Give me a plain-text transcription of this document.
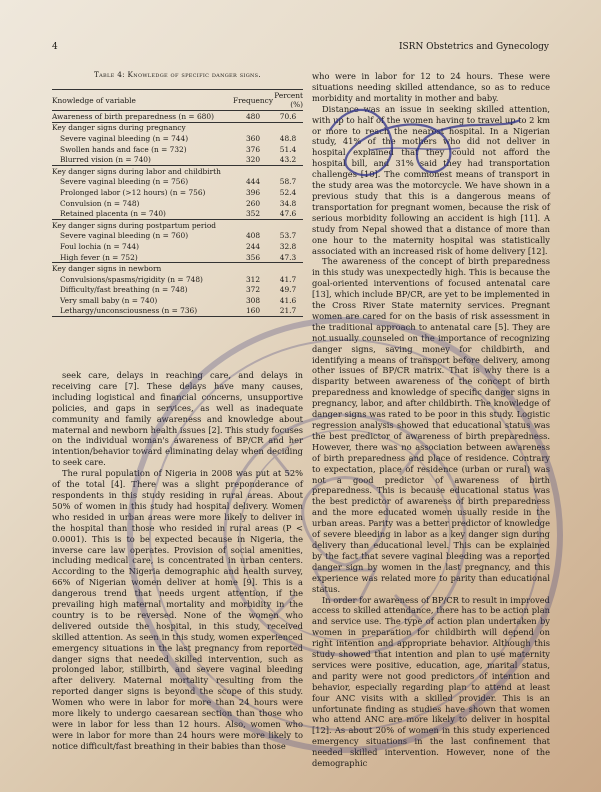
4	ISRN Obstetrics and Gynecology
Table 4: Knowledge of specific danger signs.
Knowledge of variable	Frequency	Percent (%)
Awareness of birth preparedness (n = 680)	480	70.6
Key danger signs during pregnancy		
Severe vaginal bleeding (n = 744)	360	48.8
Swollen hands and face (n = 732)	376	51.4
Blurred vision (n = 740)	320	43.2
Key danger signs during labor and childbirth		
Severe vaginal bleeding (n = 756)	444	58.7
Prolonged labor (>12 hours) (n = 756)	396	52.4
Convulsion (n = 748)	260	34.8
Retained placenta (n = 740)	352	47.6
Key danger signs during postpartum period		
Severe vaginal bleeding (n = 760)	408	53.7
Foul lochia (n = 744)	244	32.8
High fever (n = 752)	356	47.3
Key danger signs in newborn		
Convulsions/spasms/rigidity (n = 748)	312	41.7
Difficulty/fast breathing (n = 748)	372	49.7
Very small baby (n = 740)	308	41.6
Lethargy/unconsciousness (n = 736)	160	21.7

seek care, delays in reaching care, and delays in receiving care [7]. These delays have many causes, including logistical and financial concerns, unsupportive policies, and gaps in services, as well as inadequate community and family awareness and knowledge about maternal and newborn health issues [2]. This study focuses on the individual woman's awareness of BP/CR and her intention/behavior toward eliminating delay when deciding to seek care.

The rural population of Nigeria in 2008 was put at 52% of the total [4]. There was a slight preponderance of respondents in this study residing in rural areas. About 50% of women in this study had hospital delivery. Women who resided in urban areas were more likely to deliver in the hospital than those who resided in rural areas (P < 0.0001). This is to be expected because in Nigeria, the inverse care law operates. Provision of social amenities, including medical care, is concentrated in urban centers. According to the Nigeria demographic and health survey, 66% of Nigerian women deliver at home [9]. This is a dangerous trend that needs urgent attention, if the prevailing high maternal mortality and morbidity in the country is to be reversed. None of the women who delivered outside the hospital, in this study, received skilled attention. As seen in this study, women experienced emergency situations in the last pregnancy from reported danger signs that needed skilled intervention, such as prolonged labor, stillbirth, and severe vaginal bleeding after delivery. Maternal mortality resulting from the reported danger signs is beyond the scope of this study. Women who were in labor for more than 24 hours were more likely to undergo caesarean section than those who were in labor for less than 12 hours. Also, women who were in labor for more than 24 hours were more likely to notice difficult/fast breathing in their babies than those

who were in labor for 12 to 24 hours. These were situations needing skilled attendance, so as to reduce morbidity and mortality in mother and baby.

Distance was an issue in seeking skilled attention, with up to half of the women having to travel up to 2 km or more to reach the nearest hospital. In a Nigerian study, 41% of the mothers who did not deliver in hospital explained that they could not afford the hospital bill, and 31% said they had transportation challenges [10]. The commonest means of transport in the study area was the motorcycle. We have shown in a previous study that this is a dangerous means of transportation for pregnant women, because the risk of serious morbidity following an accident is high [11]. A study from Nepal showed that a distance of more than one hour to the maternity hospital was statistically associated with an increased risk of home delivery [12].

The awareness of the concept of birth preparedness in this study was unexpectedly high. This is because the goal-oriented interventions of focused antenatal care [13], which include BP/CR, are yet to be implemented in the Cross River State maternity services. Pregnant women are cared for on the basis of risk assessment in the traditional approach to antenatal care [5]. They are not usually counseled on the importance of recognizing danger signs, saving money for childbirth, and identifying a means of transport before delivery, among other issues of BP/CR matrix. That is why there is a disparity between awareness of the concept of birth preparedness and knowledge of specific danger signs in pregnancy, labor, and after childbirth. The knowledge of danger signs was rated to be poor in this study. Logistic regression analysis showed that educational status was the best predictor of awareness of birth preparedness. However, there was no association between awareness of birth preparedness and place of residence. Contrary to expectation, place of residence (urban or rural) was not a good predictor of awareness of birth preparedness. This is because educational status was the best predictor of awareness of birth preparedness and the more educated women usually reside in the urban areas. Parity was a better predictor of knowledge of severe bleeding in labor as a key danger sign during delivery than educational level. This can be explained by the fact that severe vaginal bleeding was a reported danger sign by women in the last pregnancy, and this experience was related more to parity than educational status.

In order for awareness of BP/CR to result in improved access to skilled attendance, there has to be action plan and service use. The type of action plan undertaken by women in preparation for childbirth will depend on right intention and appropriate behavior. Although this study showed that intention and plan to use maternity services were positive, education, age, marital status, and parity were not good predictors of intention and behavior, especially regarding plan to attend at least four ANC visits with a skilled provider. This is an unfortunate finding as studies have shown that women who attend ANC are more likely to deliver in hospital [12]. As about 20% of women in this study experienced emergency situations in the last confinement that needed skilled intervention. However, none of the demographic
